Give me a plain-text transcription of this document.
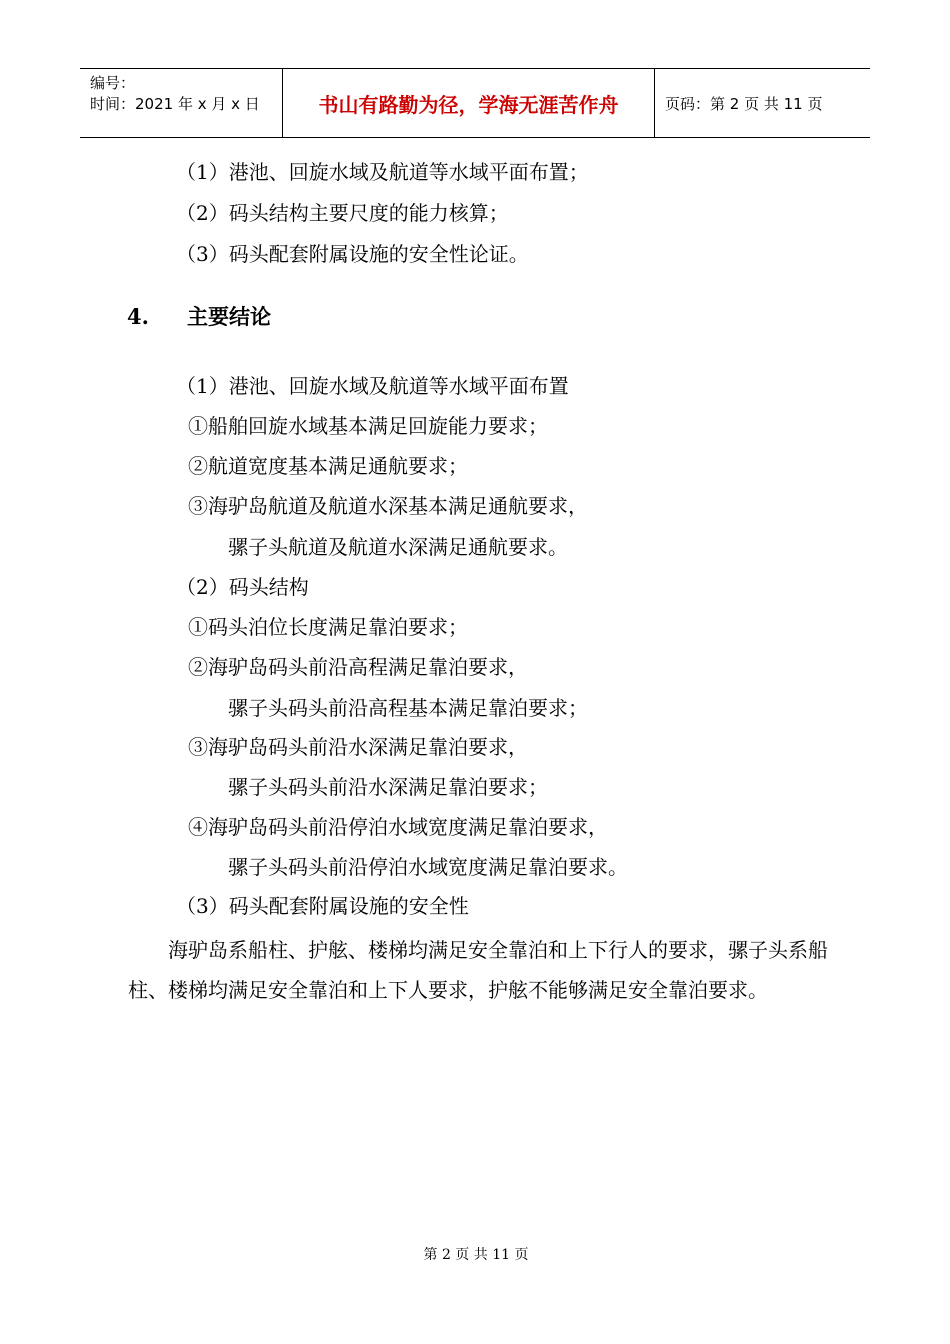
编号：
时间：2021 年 x 月 x 日	书山有路勤为径，学海无涯苦作舟	页码：第 2 页 共 11 页
（1）港池、回旋水域及航道等水域平面布置；
（2）码头结构主要尺度的能力核算；
（3）码头配套附属设施的安全性论证。
4. 主要结论
（1）港池、回旋水域及航道等水域平面布置
①船舶回旋水域基本满足回旋能力要求；
②航道宽度基本满足通航要求；
③海驴岛航道及航道水深基本满足通航要求，
骡子头航道及航道水深满足通航要求。
（2）码头结构
①码头泊位长度满足靠泊要求；
②海驴岛码头前沿高程满足靠泊要求，
骡子头码头前沿高程基本满足靠泊要求；
③海驴岛码头前沿水深满足靠泊要求，
骡子头码头前沿水深满足靠泊要求；
④海驴岛码头前沿停泊水域宽度满足靠泊要求，
骡子头码头前沿停泊水域宽度满足靠泊要求。
（3）码头配套附属设施的安全性
海驴岛系船柱、护舷、楼梯均满足安全靠泊和上下行人的要求，骡子头系船柱、楼梯均满足安全靠泊和上下人要求，护舷不能够满足安全靠泊要求。
第 2 页 共 11 页
